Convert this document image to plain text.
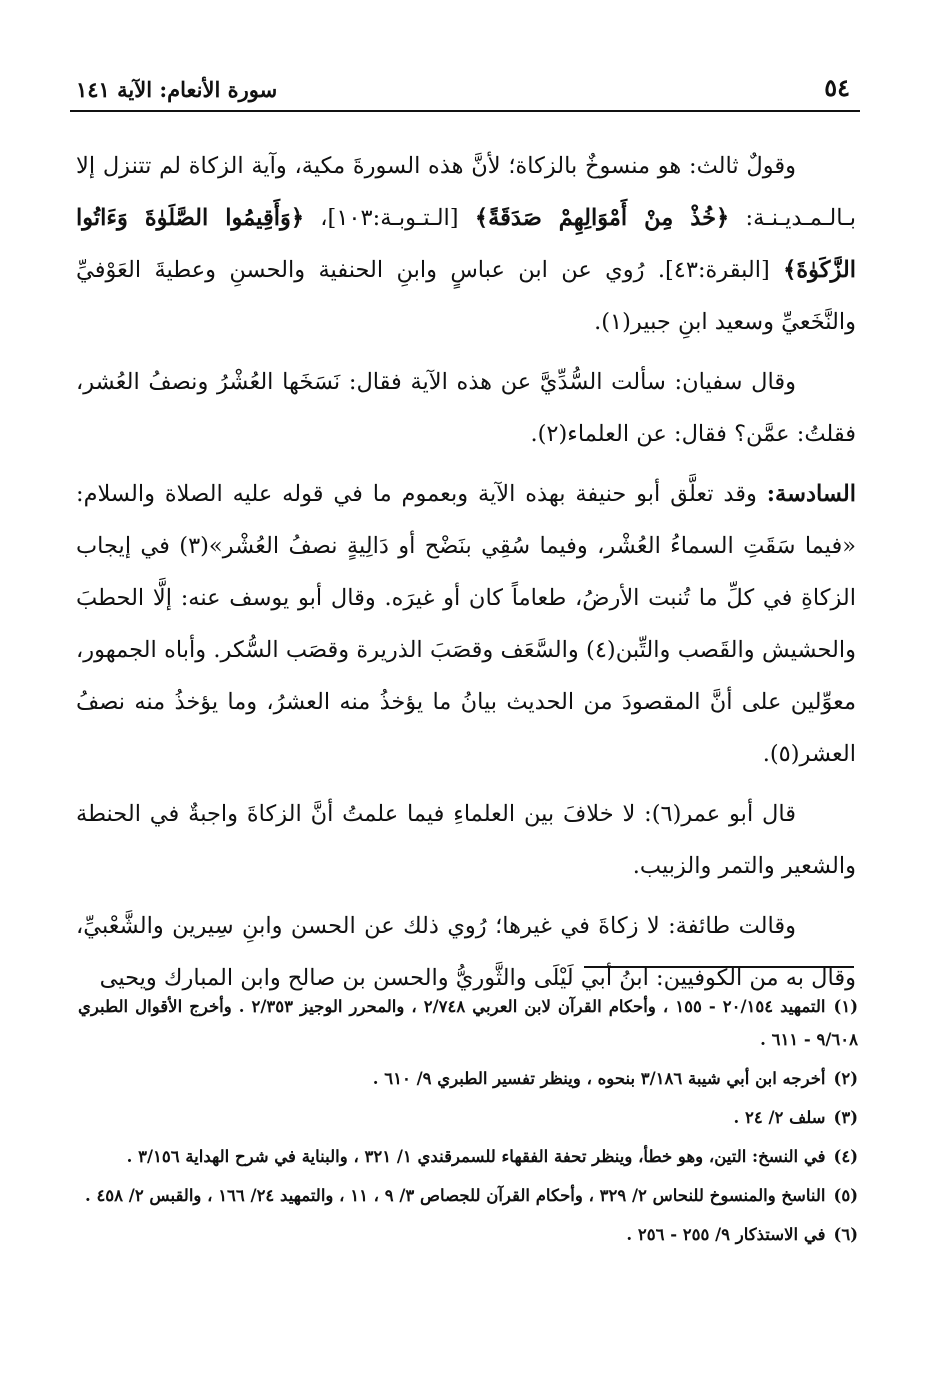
سورة الأنعام: الآية ١٤١	٥٤

وقولٌ ثالث: هو منسوخٌ بالزكاة؛ لأنَّ هذه السورةَ مكية، وآية الزكاة لم تتنزل إلا بـالـمـديـنـة: ﴿خُذْ مِنْ أَمْوَالِهِمْ صَدَقَةً﴾ [الـتـوبـة:١٠٣]، ﴿وَأَقِيمُوا الصَّلَوٰةَ وَءَاتُوا الزَّكَوٰةَ﴾ [البقرة:٤٣]. رُوي عن ابن عباسٍ وابنِ الحنفية والحسنِ وعطيةَ العَوْفيِّ والنَّخَعيِّ وسعيد ابنِ جبير(١).

وقال سفيان: سألت السُّدِّيَّ عن هذه الآية فقال: نَسَخَها العُشْرُ ونصفُ العُشر، فقلتُ: عمَّن؟ فقال: عن العلماء(٢).

السادسة: وقد تعلَّق أبو حنيفة بهذه الآية وبعموم ما في قوله عليه الصلاة والسلام: «فيما سَقَتِ السماءُ العُشْر، وفيما سُقِي بنَضْح أو دَالِيةٍ نصفُ العُشْر»(٣) في إيجاب الزكاةِ في كلِّ ما تُنبت الأرضُ، طعاماً كان أو غيرَه. وقال أبو يوسف عنه: إلَّا الحطبَ والحشيش والقَصب والتِّبن(٤) والسَّعَف وقصَبَ الذريرة وقصَب السُّكر. وأباه الجمهور، معوِّلين على أنَّ المقصودَ من الحديث بيانُ ما يؤخذُ منه العشرُ، وما يؤخذُ منه نصفُ العشر(٥).

قال أبو عمر(٦): لا خلافَ بين العلماءِ فيما علمتُ أنَّ الزكاةَ واجبةٌ في الحنطة والشعير والتمر والزبيب.

وقالت طائفة: لا زكاةَ في غيرها؛ رُوي ذلك عن الحسن وابنِ سِيرين والشَّعْبيِّ، وقال به من الكوفيين: ابنُ أبي لَيْلَى والثَّوريُّ والحسن بن صالح وابن المبارك ويحيى

(١)التمهيد ٢٠/١٥٤ - ١٥٥ ، وأحكام القرآن لابن العربي ٢/٧٤٨ ، والمحرر الوجيز ٢/٣٥٣ . وأخرج الأقوال الطبري ٩/٦٠٨ - ٦١١ .
(٢)أخرجه ابن أبي شيبة ٣/١٨٦ بنحوه ، وينظر تفسير الطبري ٩/ ٦١٠ .
(٣)سلف ٢/ ٢٤ .
(٤)في النسخ: التين، وهو خطأ، وينظر تحفة الفقهاء للسمرقندي ١/ ٣٢١ ، والبناية في شرح الهداية ٣/١٥٦ .
(٥)الناسخ والمنسوخ للنحاس ٢/ ٣٢٩ ، وأحكام القرآن للجصاص ٣/ ٩ ، ١١ ، والتمهيد ٢٤/ ١٦٦ ، والقبس ٢/ ٤٥٨ .
(٦)في الاستذكار ٩/ ٢٥٥ - ٢٥٦ .
